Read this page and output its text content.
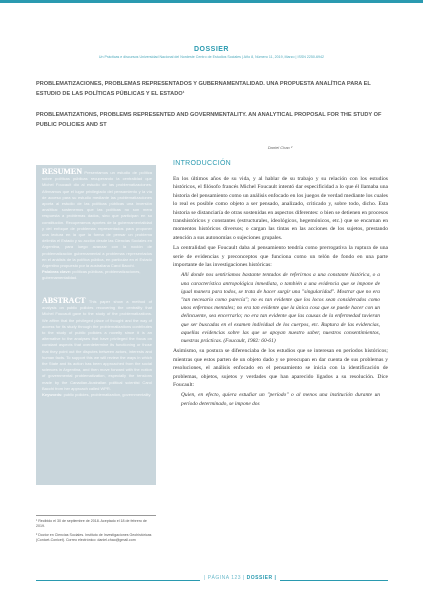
DOSSIER
Un Prácticas e discursos Universidad Nacional del Nordeste Centro de Estudios Sociales | Año 8, Número 11, 2019, Marzo | ISSN 2250-6942
PROBLEMATIZACIONES, PROBLEMAS REPRESENTADOS Y GUBERNAMENTALIDAD. UNA PROPUESTA ANALÍTICA PARA EL ESTUDIO DE LAS POLÍTICAS PÚBLICAS Y EL ESTADO¹
PROBLEMATIZATIONS, PROBLEMS REPRESENTED AND GOVERNMENTALITY. AN ANALYTICAL PROPOSAL FOR THE STUDY OF PUBLIC POLICIES AND ST
Daniel Chao ²
RESUMEN Presentamos un estudio de política sobre políticas públicas recuperando la centralidad que Michel Foucault dio al estudio de las problematizaciones. Afirmamos que el lugar privilegiado del pensamiento y la vía de acceso para su estudio mediante las problematizaciones aporta al estudio de las políticas públicas una inversión analítica: sostenemos que las políticas no son mera respuesta a problemas dados, sino que participan en su constitución. Recuperamos aportes de la gubernamentalidad y del enfoque de problemas representados para proponer una lectura en la que la forma de pensar un problema delimita el Estado y su acción desde las Ciencias Sociales en Argentina, para luego avanzar con la noción de problematización gubernamental a problemas representados en el análisis de la política pública, en particular en el Estado Argentino propuesto por la australiana Carol Bacchi.
Palabras clave: políticas públicas, problematizaciones, gubernamentalidad.
ABSTRACT This paper show a method of analysis on public policies recovering the centrality that Michel Foucault gave to the study of the problematizations. We affirm that the privileged place of thought and the way of access for its study through the problematizations contributes to the study of public policies a novelty since it is an alternative to the analyses that have privileged the focus on constant aspects that overdetermine its functioning or those that they point out the disputes between actors, interests and human facts. To support this we will review the ways in which the State and its action has been approached from the social sciences in Argentina, and then move forward with the notion of governmental problematization, especially the tensions made by the Canadian-Australian political scientist Carol Bacchi from her approach called WPR.
Keywords: public policies, problematization, governmentality.
¹ Recibido el 30 de septiembre de 2018. Aceptado el 18 de febrero de 2019.
² Doctor en Ciencias Sociales. Instituto de Investigaciones Geohistóricas (Conicet-Conicet). Correo electrónico: daniel.chao@gmail.com
INTRODUCCIÓN

En los últimos años de su vida, y al hablar de su trabajo y su relación con los estudios históricos, el filósofo francés Michel Foucault intentó dar especificidad a lo que él llamaba una historia del pensamiento como un análisis enfocado en los juegos de verdad mediante los cuales lo real es posible como objeto a ser pensado, analizado, criticado y, sobre todo, dicho. Esta historia se distanciaría de otras sostenidas en aspectos diferentes: o bien se detienen en procesos transhistóricos y constantes (estructurales, ideológicos, hegemónicos, etc.) que se encarnan en momentos históricos diversos; o cargan las tintas en las acciones de los sujetos, prestando atención a sus autonomías o sujeciones grupales.

La centralidad que Foucault daba al pensamiento tendría como prerrogativa la ruptura de una serie de evidencias y preconceptos que funciona como un telón de fondo en una parte importante de las investigaciones históricas:

Allí donde nos sentiríamos bastante tentados de referirnos a una constante histórica, o a una característica antropológica inmediata, o también a una evidencia que se impone de igual manera para todos, se trata de hacer surgir una "singularidad". Mostrar que no era "tan necesario como parecía"; no es tan evidente que los locos sean considerados como unos enfermos mentales; no era tan evidente que la única cosa que se puede hacer con un delincuente, sea encerrarlo; no era tan evidente que las causas de la enfermedad tuvieran que ser buscadas en el examen individual de los cuerpos, etc. Ruptura de las evidencias, aquellas evidencias sobre las que se apoyan nuestro saber, nuestros consentimientos, nuestras prácticas. (Foucault, 1982: 60-61)

Asimismo, su postura se diferenciaba de los estudios que se interesan en períodos históricos; mientras que estos parten de un objeto dado y se preocupan en dar cuenta de sus problemas y resoluciones, el análisis enfocado en el pensamiento se inicia con la identificación de problemas, objetos, sujetos y verdades que han aparecido ligados a su resolución. Dice Foucault:

Quien, en efecto, quiera estudiar un "período" o al menos una institución durante un período determinado, se impone dos

| PÁGINA 123 | DOSSIER |
